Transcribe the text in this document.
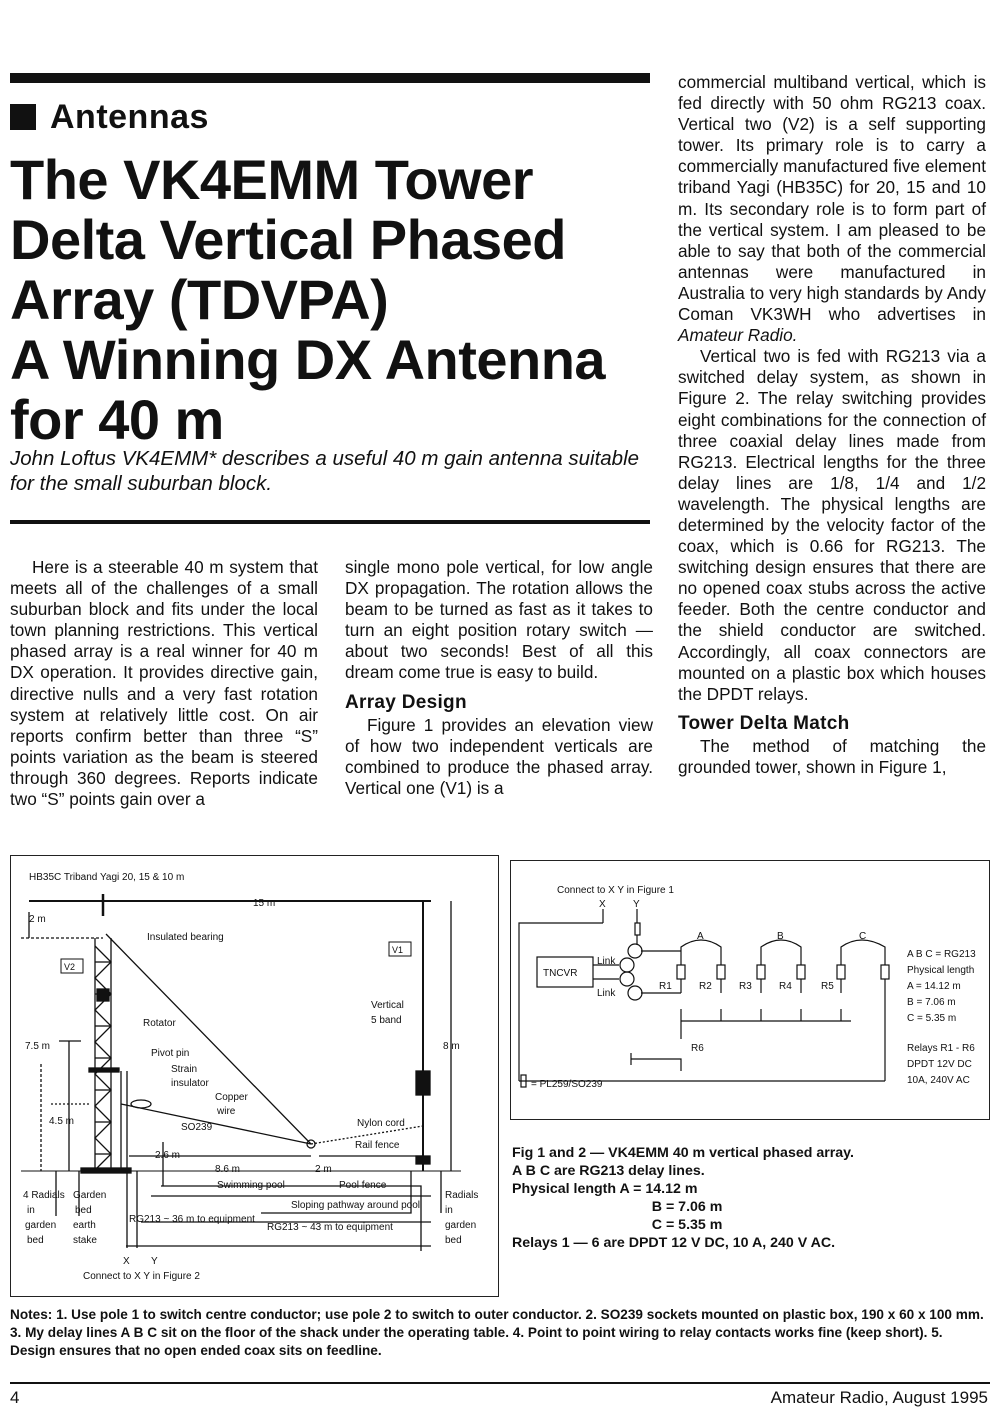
Antennas
The VK4EMM Tower
Delta Vertical Phased
Array (TDVPA)
A Winning DX Antenna
for 40 m
John Loftus VK4EMM* describes a useful 40 m gain antenna suitable for the small suburban block.

Here is a steerable 40 m system that meets all of the challenges of a small suburban block and fits under the local town planning restrictions. This vertical phased array is a real winner for 40 m DX operation. It provides directive gain, directive nulls and a very fast rotation system at relatively little cost. On air reports confirm better than three “S” points variation as the beam is steered through 360 degrees. Reports indicate two “S” points gain over a

single mono pole vertical, for low angle DX propagation. The rotation allows the beam to be turned as fast as it takes to turn an eight position rotary switch — about two seconds! Best of all this dream come true is easy to build.

Array Design

Figure 1 provides an elevation view of how two independent verticals are combined to produce the phased array. Vertical one (V1) is a

commercial multiband vertical, which is fed directly with 50 ohm RG213 coax. Vertical two (V2) is a self supporting tower. Its primary role is to carry a commercially manufactured five element triband Yagi (HB35C) for 20, 15 and 10 m. Its secondary role is to form part of the vertical system. I am pleased to be able to say that both of the commercial antennas were manufactured in Australia to very high standards by Andy Coman VK3WH who advertises in Amateur Radio.

Vertical two is fed with RG213 via a switched delay system, as shown in Figure 2. The relay switching provides eight combinations for the connection of three coaxial delay lines made from RG213. Electrical lengths for the three delay lines are 1/8, 1/4 and 1/2 wavelength. The physical lengths are determined by the velocity factor of the coax, which is 0.66 for RG213. The switching design ensures that there are no opened coax stubs across the active feeder. Both the centre conductor and the shield conductor are switched. Accordingly, all coax connectors are mounted on a plastic box which houses the DPDT relays.

Tower Delta Match

The method of matching the grounded tower, shown in Figure 1,

HB35C Triband Yagi 20, 15 & 10 m
15 m
2 m
Insulated bearing
V2
V1
Vertical
5 band
Rotator
7.5 m	8 m
Pivot pin
Strain
insulator
Copper
wire
4.5 m
SO239	Nylon cord
Rail fence
2.6 m
8.6 m	2 m
Pool fence
Swimming pool
4 Radials
in
garden
bed
Garden
bed
earth
stake
Sloping pathway around pool
RG213 ~ 36 m to equipment
RG213 ~ 43 m to equipment
Radials
in
garden
bed
X Y
Connect to X Y in Figure 2
Connect to X Y in Figure 1
X	Y
A	B	C
TNCVR
Link
Link
R1	R2	R3	R4	R5
R6
A B C = RG213
Physical length
A = 14.12 m
B = 7.06 m
C = 5.35 m
Relays R1 - R6
DPDT 12V DC
10A, 240V AC
= PL259/SO239
Fig 1 and 2 — VK4EMM 40 m vertical phased array.
A B C are RG213 delay lines.
Physical length A = 14.12 m
B = 7.06 m
C = 5.35 m
Relays 1 — 6 are DPDT 12 V DC, 10 A, 240 V AC.
Notes: 1. Use pole 1 to switch centre conductor; use pole 2 to switch to outer conductor. 2. SO239 sockets mounted on plastic box, 190 x 60 x 100 mm. 3. My delay lines A B C sit on the floor of the shack under the operating table. 4. Point to point wiring to relay contacts works fine (keep short). 5. Design ensures that no open ended coax sits on feedline.
4	Amateur Radio, August 1995
